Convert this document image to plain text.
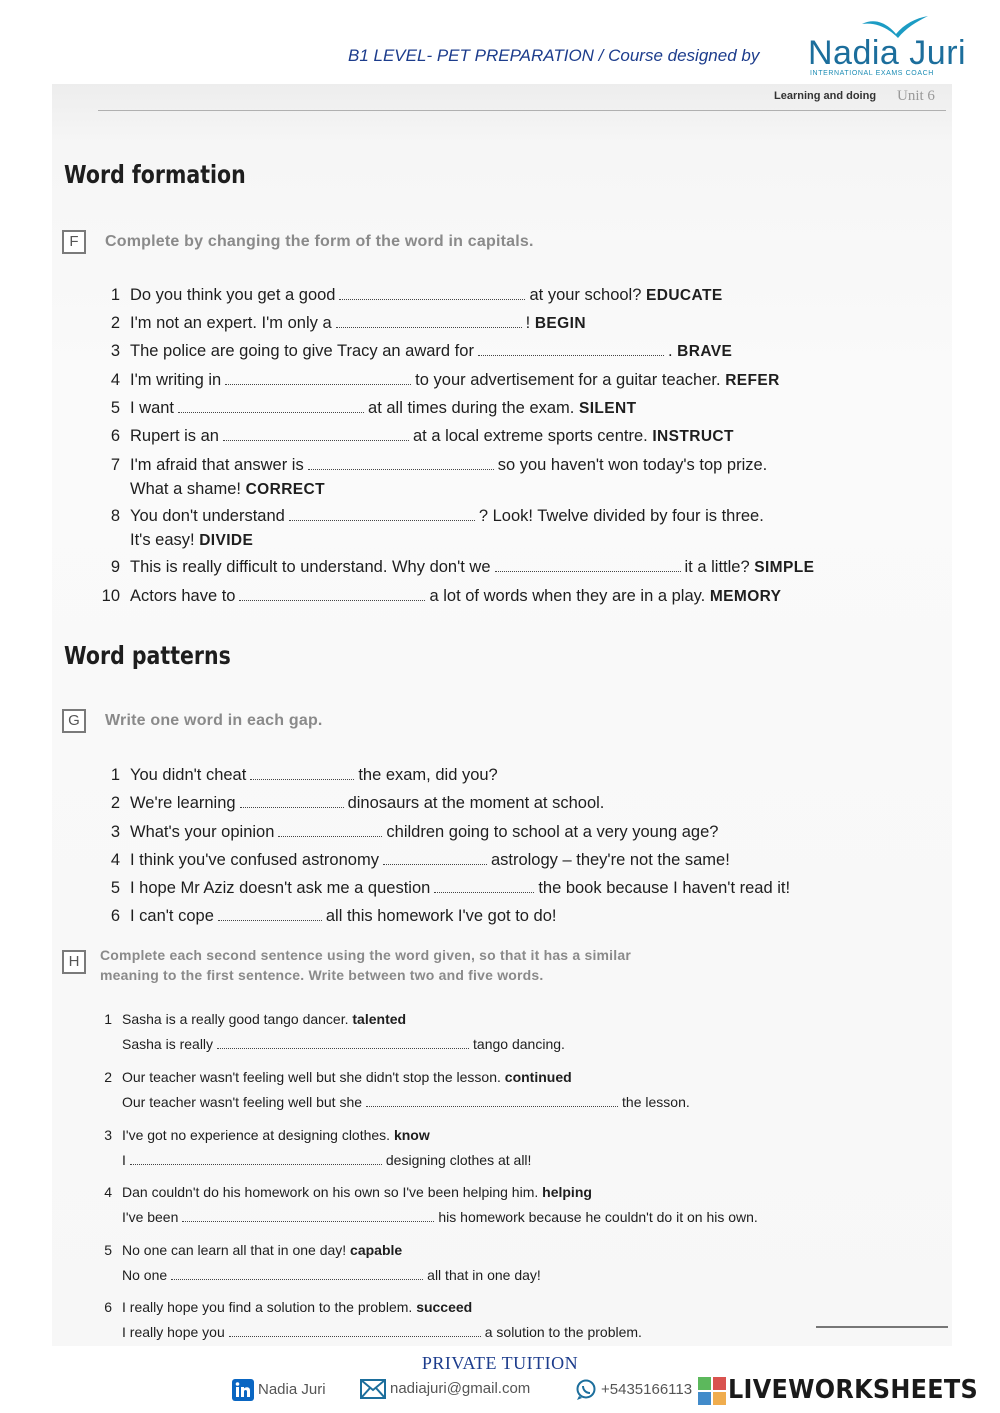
B1 LEVEL- PET PREPARATION / Course designed by Nadia Juri
INTERNATIONAL EXAMS COACH
Learning and doing Unit 6
Word formation
F	Complete by changing the form of the word in capitals.
1 Do you think you get a good	at your school? EDUCATE
2 I'm not an expert. I'm only a	! BEGIN
3 The police are going to give Tracy an award for	. BRAVE
4 I'm writing in	to your advertisement for a guitar teacher. REFER
5 I want	at all times during the exam. SILENT
6 Rupert is an	at a local extreme sports centre. INSTRUCT
7 I'm afraid that answer is	so you haven't won today's top prize.
What a shame! CORRECT
8 You don't understand	? Look! Twelve divided by four is three.
It's easy! DIVIDE
9 This is really difficult to understand. Why don't we	it a little? SIMPLE
10 Actors have to	a lot of words when they are in a play. MEMORY
Word patterns
G	Write one word in each gap.
1 You didn't cheat	the exam, did you?
2 We're learning	dinosaurs at the moment at school.
3 What's your opinion	children going to school at a very young age?
4 I think you've confused astronomy	astrology – they're not the same!
5 I hope Mr Aziz doesn't ask me a question	the book because I haven't read it!
6 I can't cope	all this homework I've got to do!
H	Complete each second sentence using the word given, so that it has a similar
meaning to the first sentence. Write between two and five words.
1 Sasha is a really good tango dancer. talented
Sasha is really	tango dancing.
2 Our teacher wasn't feeling well but she didn't stop the lesson. continued
Our teacher wasn't feeling well but she	the lesson.
3 I've got no experience at designing clothes. know
I	designing clothes at all!
4 Dan couldn't do his homework on his own so I've been helping him. helping
I've been	his homework because he couldn't do it on his own.
5 No one can learn all that in one day! capable
No one	all that in one day!
6 I really hope you find a solution to the problem. succeed
I really hope you	a solution to the problem.
PRIVATE TUITION
Nadia Juri	nadiajuri@gmail.com	+5435166113 LIVEWORKSHEETS
